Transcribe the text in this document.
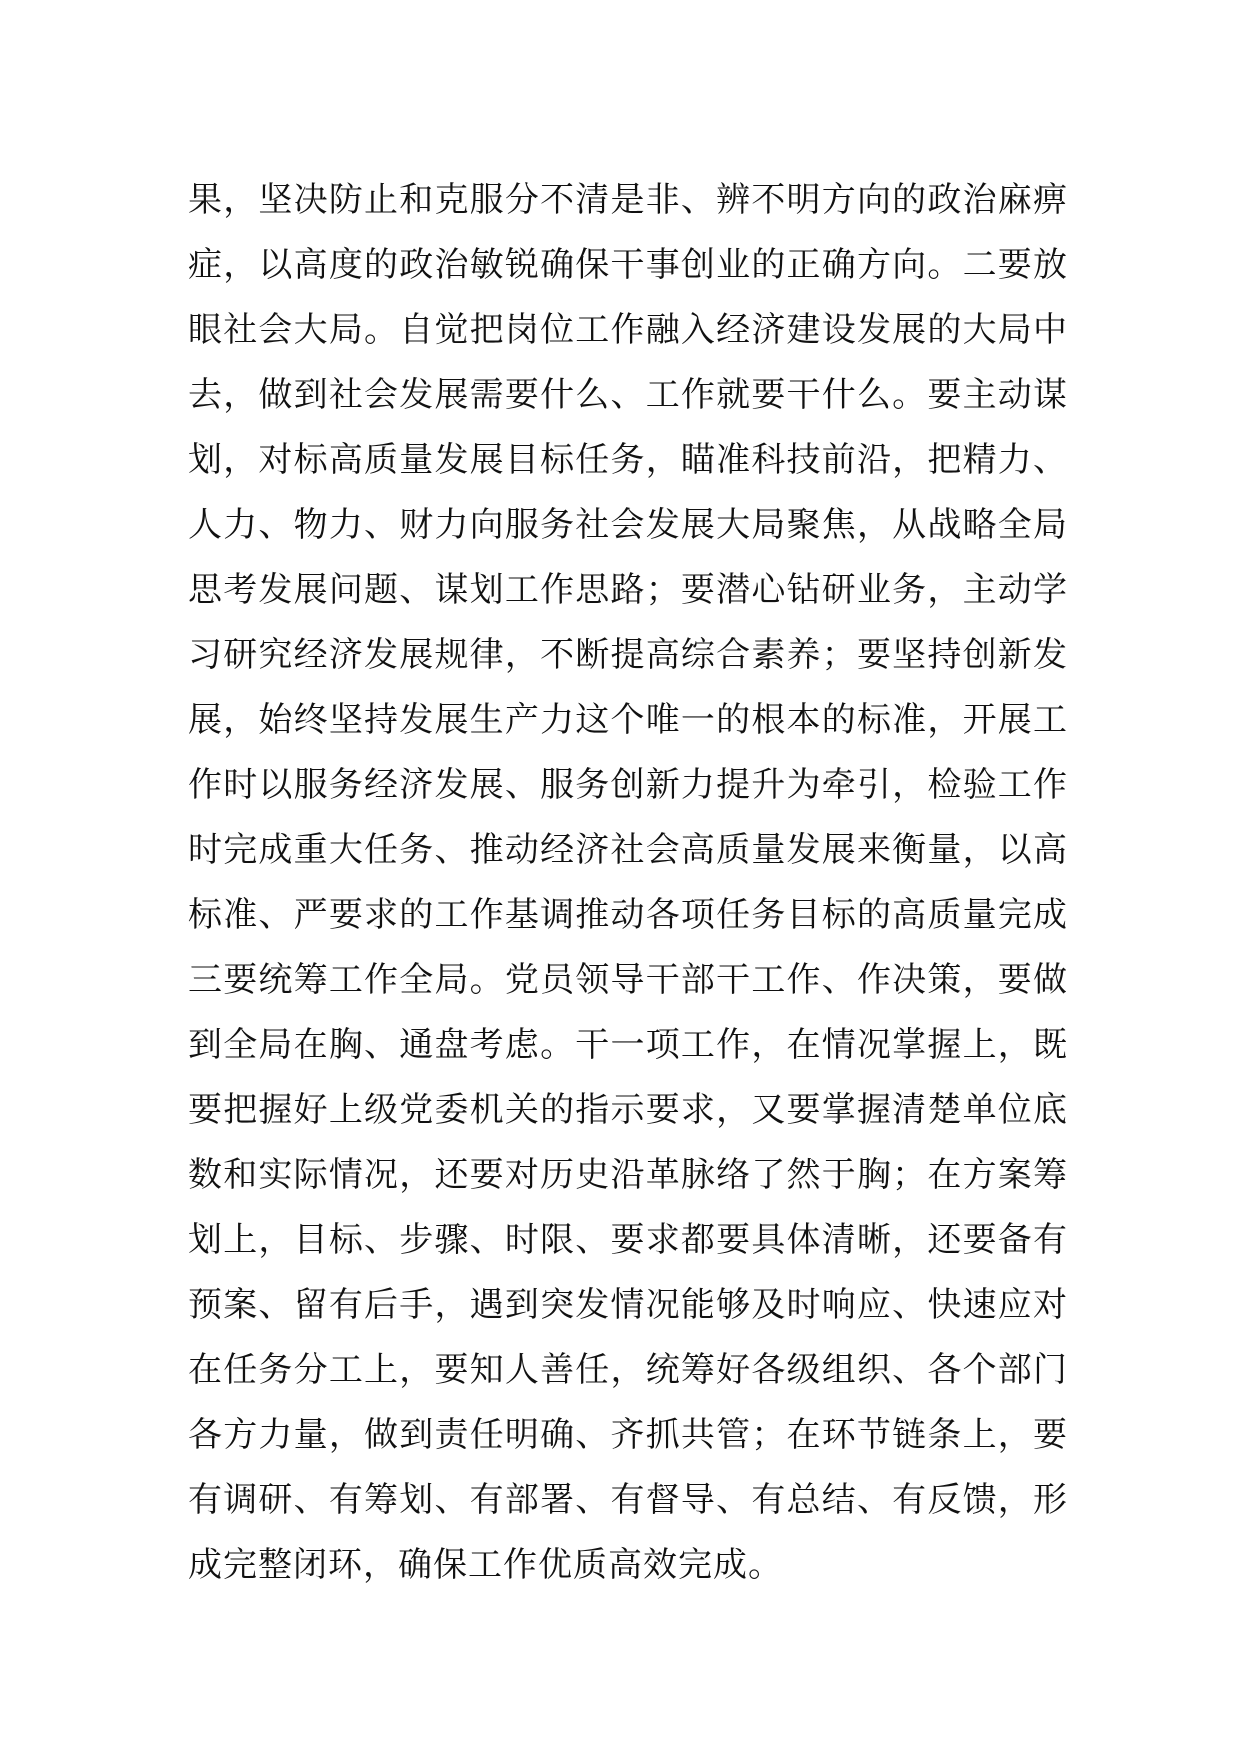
果，坚决防止和克服分不清是非、辨不明方向的政治麻痹
症，以高度的政治敏锐确保干事创业的正确方向。二要放
眼社会大局。自觉把岗位工作融入经济建设发展的大局中
去，做到社会发展需要什么、工作就要干什么。要主动谋
划，对标高质量发展目标任务，瞄准科技前沿，把精力、
人力、物力、财力向服务社会发展大局聚焦，从战略全局
思考发展问题、谋划工作思路；要潜心钻研业务，主动学
习研究经济发展规律，不断提高综合素养；要坚持创新发
展，始终坚持发展生产力这个唯一的根本的标准，开展工
作时以服务经济发展、服务创新力提升为牵引，检验工作
时完成重大任务、推动经济社会高质量发展来衡量，以高
标准、严要求的工作基调推动各项任务目标的高质量完成
三要统筹工作全局。党员领导干部干工作、作决策，要做
到全局在胸、通盘考虑。干一项工作，在情况掌握上，既
要把握好上级党委机关的指示要求，又要掌握清楚单位底
数和实际情况，还要对历史沿革脉络了然于胸；在方案筹
划上，目标、步骤、时限、要求都要具体清晰，还要备有
预案、留有后手，遇到突发情况能够及时响应、快速应对
在任务分工上，要知人善任，统筹好各级组织、各个部门
各方力量，做到责任明确、齐抓共管；在环节链条上，要
有调研、有筹划、有部署、有督导、有总结、有反馈，形
成完整闭环，确保工作优质高效完成。
